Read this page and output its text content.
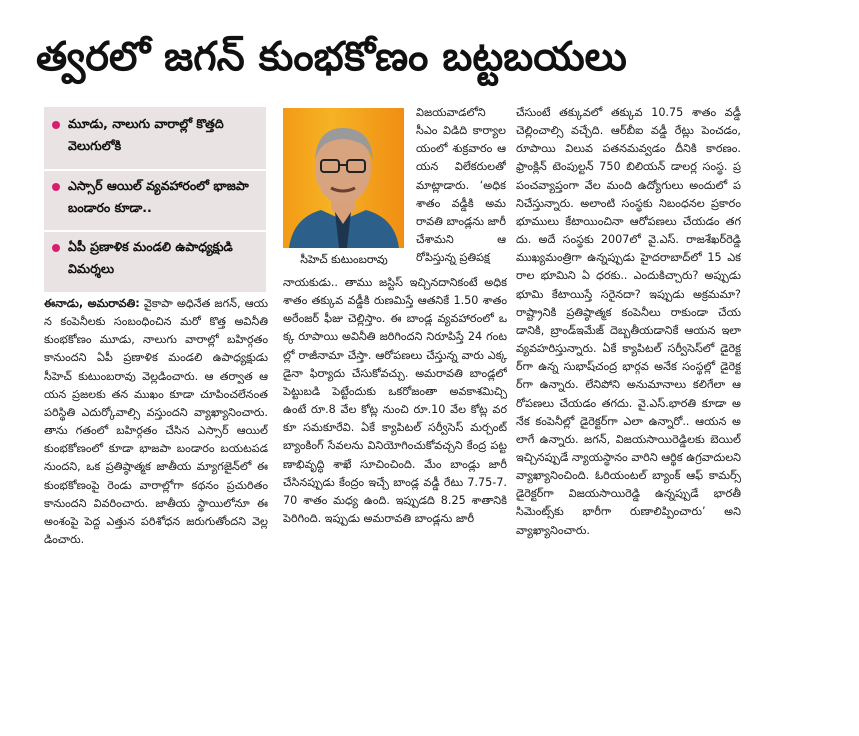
త్వరలో జగన్ కుంభకోణం బట్టబయలు
మూడు, నాలుగు వారాల్లో కొత్తది వెలుగులోకి
ఎస్సార్ ఆయిల్ వ్యవహారంలో భాజపా బండారం కూడా..
ఏపీ ప్రణాళిక మండలి ఉపాధ్యక్షుడి విమర్శలు
సీహెచ్ కుటుంబరావు

ఈనాడు, అమరావతి: వైకాపా అధినేత జగన్, ఆయన కంపెనీలకు సంబంధించిన మరో కొత్త అవినీతి కుంభకోణం మూడు, నాలుగు వారాల్లో బహిర్గతం కానుందని ఏపీ ప్రణాళిక మండలి ఉపాధ్యక్షుడు సీహెచ్ కుటుంబరావు వెల్లడించారు. ఆ తర్వాత ఆయన ప్రజలకు తన ముఖం కూడా చూపించలేనంత పరిస్థితి ఎదుర్కోవాల్సి వస్తుందని వ్యాఖ్యానించారు. తాను గతంలో బహిర్గతం చేసిన ఎస్సార్ ఆయిల్ కుంభకోణంలో కూడా భాజపా బండారం బయటపడనుందని, ఒక ప్రతిష్ఠాత్మక జాతీయ మ్యాగజైన్‌లో ఈ కుంభకోణంపై రెండు వారాల్లోగా కథనం ప్రచురితం కానుందని వివరించారు. జాతీయ స్థాయిలోనూ ఈ అంశంపై పెద్ద ఎత్తున పరిశోధన జరుగుతోందని వెల్లడించారు.

విజయవాడలోని సీఎం విడిది కార్యాలయంలో శుక్రవారం ఆయన విలేకరులతో మాట్లాడారు. ‘అధిక శాతం వడ్డీకి అమరావతి బాండ్లను జారీ చేశామని ఆరోపిస్తున్న ప్రతిపక్ష

నాయకుడు.. తాము జస్టిస్ ఇచ్చినదానికంటే అధికశాతం తక్కువ వడ్డీకి రుణమిస్తే ఆతనికే 1.50 శాతం అరేంజర్ ఫీజు చెల్లిస్తాం. ఈ బాండ్ల వ్యవహారంలో ఒక్క రూపాయి అవినీతి జరిగిందని నిరూపిస్తే 24 గంటల్లో రాజీనామా చేస్తా. ఆరోపణలు చేస్తున్న వారు ఎక్కడైనా ఫిర్యాదు చేసుకోవచ్చు. అమరావతి బాండ్లలో పెట్టుబడి పెట్టేందుకు ఒకరోజంతా అవకాశమిచ్చి ఉంటే రూ.8 వేల కోట్ల నుంచి రూ.10 వేల కోట్ల వరకూ సమకూరేవి. ఏకే క్యాపిటల్ సర్వీసెస్ మర్చంట్ బ్యాంకింగ్ సేవలను వినియోగించుకోవచ్చని కేంద్ర పట్టణాభివృద్ధి శాఖే సూచించింది. మేం బాండ్లు జారీ చేసినప్పుడు కేంద్రం ఇచ్చే బాండ్ల వడ్డీ రేటు 7.75-7.70 శాతం మధ్య ఉంది. ఇప్పుడది 8.25 శాతానికి పెరిగింది. ఇప్పుడు అమరావతి బాండ్లను జారీ

చేసుంటే తక్కువలో తక్కువ 10.75 శాతం వడ్డీ చెల్లించాల్సి వచ్చేది. ఆర్‌బీఐ వడ్డీ రేట్లు పెంచడం, రూపాయి విలువ పతనమవ్వడం దీనికి కారణం. ఫ్రాంక్లిన్ టెంపుల్టన్ 750 బిలియన్ డాలర్ల సంస్థ. ప్రపంచవ్యాప్తంగా వేల మంది ఉద్యోగులు అందులో పనిచేస్తున్నారు. అలాంటి సంస్థకు నిబంధనల ప్రకారం భూములు కేటాయించినా ఆరోపణలు చేయడం తగదు. అదే సంస్థకు 2007లో వై.ఎస్. రాజశేఖర్‌రెడ్డి ముఖ్యమంత్రిగా ఉన్నప్పుడు హైదరాబాద్‌లో 15 ఎకరాల భూమిని ఏ ధరకు.. ఎందుకిచ్చారు? అప్పుడు భూమి కేటాయిస్తే సరైనదా? ఇప్పుడు అక్రమమా? రాష్ట్రానికి ప్రతిష్ఠాత్మక కంపెనీలు రాకుండా చేయడానికి, బ్రాండ్‌ఇమేజ్ దెబ్బతీయడానికే ఆయన ఇలా వ్యవహరిస్తున్నారు. ఏకే క్యాపిటల్ సర్వీసెస్‌లో డైరెక్టర్‌గా ఉన్న సుభాష్‌చంద్ర భార్గవ అనేక సంస్థల్లో డైరెక్టర్‌గా ఉన్నారు. లేనిపోని అనుమానాలు కలిగేలా ఆరోపణలు చేయడం తగదు. వై.ఎస్.భారతి కూడా అనేక కంపెనీల్లో డైరెక్టర్‌గా ఎలా ఉన్నారో.. ఆయన అలాగే ఉన్నారు. జగన్, విజయసాయిరెడ్డిలకు బెయిల్ ఇచ్చినప్పుడే న్యాయస్థానం వారిని ఆర్థిక ఉగ్రవాదులని వ్యాఖ్యానించింది. ఓరియంటల్ బ్యాంక్ ఆఫ్ కామర్స్ డైరెక్టర్‌గా విజయసాయిరెడ్డి ఉన్నప్పుడే భారతీ సిమెంట్స్‌కు భారీగా రుణాలిప్పించారు’ అని వ్యాఖ్యానించారు.
